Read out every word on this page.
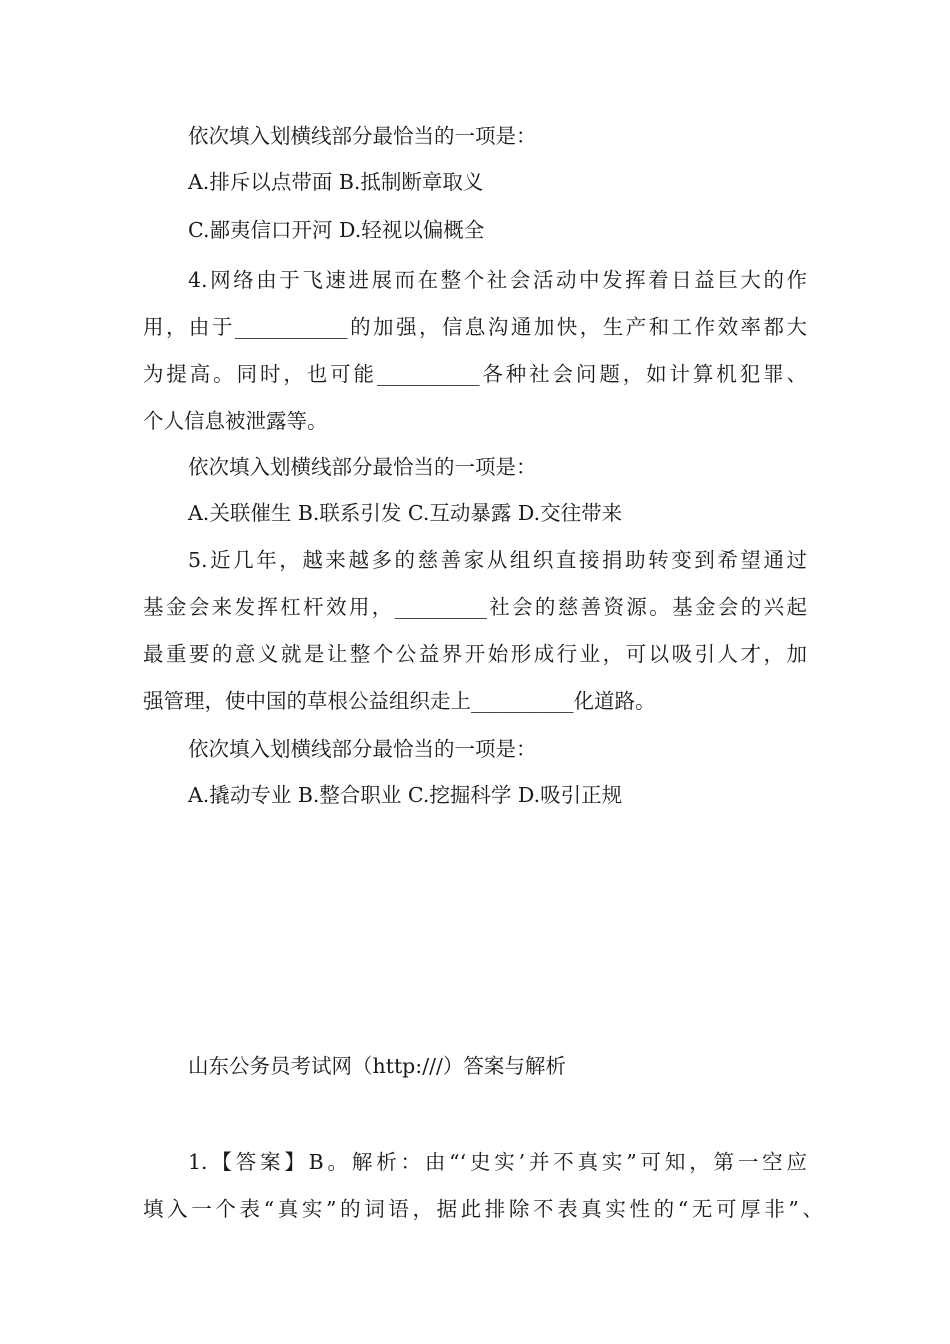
依次填入划横线部分最恰当的一项是：
A.排斥以点带面 B.抵制断章取义
C.鄙夷信口开河 D.轻视以偏概全
4.网络由于飞速进展而在整个社会活动中发挥着日益巨大的作
用，由于___________的加强，信息沟通加快，生产和工作效率都大
为提高。同时，也可能__________各种社会问题，如计算机犯罪、
个人信息被泄露等。
依次填入划横线部分最恰当的一项是：
A.关联催生 B.联系引发 C.互动暴露 D.交往带来
5.近几年，越来越多的慈善家从组织直接捐助转变到希望通过
基金会来发挥杠杆效用，_________社会的慈善资源。基金会的兴起
最重要的意义就是让整个公益界开始形成行业，可以吸引人才，加
强管理，使中国的草根公益组织走上__________化道路。
依次填入划横线部分最恰当的一项是：
A.撬动专业 B.整合职业 C.挖掘科学 D.吸引正规
山东公务员考试网（http:///）答案与解析
1.【答案】B。解析：由“‘史实’并不真实”可知，第一空应
填入一个表“真实”的词语，据此排除不表真实性的“无可厚非”、
